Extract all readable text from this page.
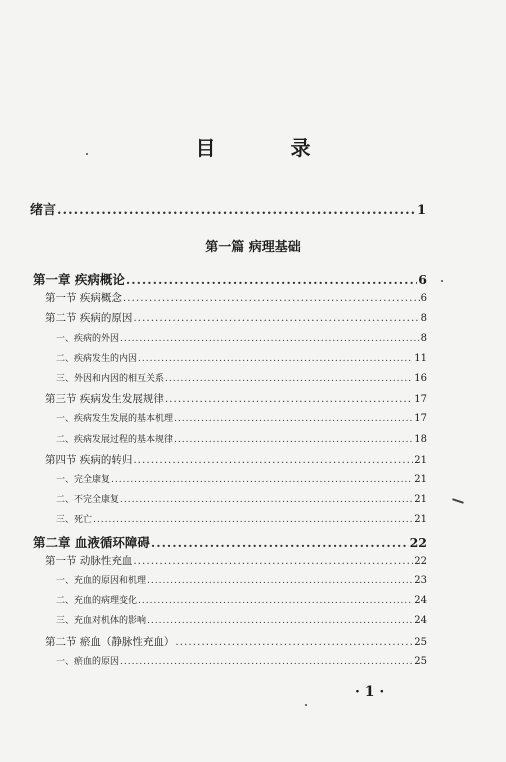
目 录
绪言 .....	1
第一篇 病理基础
第一章 疾病概论 .....	6
第一节 疾病概念 .....	6
第二节 疾病的原因 .....	8
一、疾病的外因 .....	8
二、疾病发生的内因 .....	11
三、外因和内因的相互关系 .....	16
第三节 疾病发生发展规律 .....	17
一、疾病发生发展的基本机理 .....	17
二、疾病发展过程的基本规律 .....	18
第四节 疾病的转归 .....	21
一、完全康复 .....	21
二、不完全康复 .....	21
三、死亡 .....	21
第二章 血液循环障碍 .....	22
第一节 动脉性充血 .....	22
一、充血的原因和机理 .....	23
二、充血的病理变化 .....	24
三、充血对机体的影响 .....	24
第二节 瘀血（静脉性充血） .....	25
一、瘀血的原因 .....	25
· 1 ·
